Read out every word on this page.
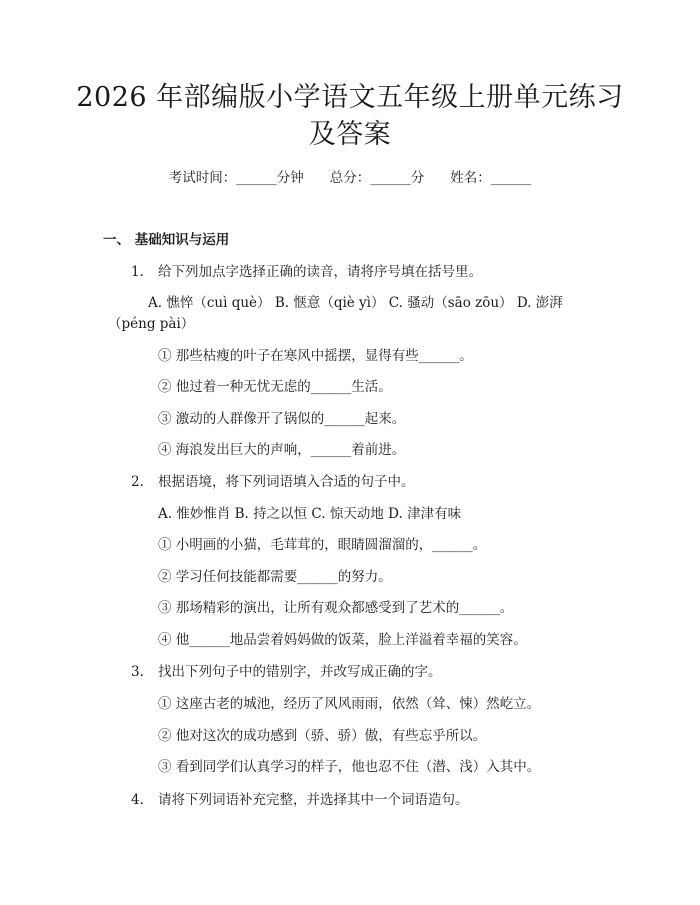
2026 年部编版小学语文五年级上册单元练习
及答案
考试时间：______分钟 总分：______分 姓名：______
一、 基础知识与运用
1. 给下列加点字选择正确的读音，请将序号填在括号里。
A. 憔悴（cuì què） B. 惬意（qiè yì） C. 骚动（sāo zōu） D. 澎湃
（péng pài）
① 那些枯瘦的叶子在寒风中摇摆，显得有些______。
② 他过着一种无忧无虑的______生活。
③ 激动的人群像开了锅似的______起来。
④ 海浪发出巨大的声响，______着前进。
2. 根据语境，将下列词语填入合适的句子中。
A. 惟妙惟肖 B. 持之以恒 C. 惊天动地 D. 津津有味
① 小明画的小猫，毛茸茸的，眼睛圆溜溜的，______。
② 学习任何技能都需要______的努力。
③ 那场精彩的演出，让所有观众都感受到了艺术的______。
④ 他______地品尝着妈妈做的饭菜，脸上洋溢着幸福的笑容。
3. 找出下列句子中的错别字，并改写成正确的字。
① 这座古老的城池，经历了风风雨雨，依然（耸、悚）然屹立。
② 他对这次的成功感到（骄、骄）傲，有些忘乎所以。
③ 看到同学们认真学习的样子，他也忍不住（潜、浅）入其中。
4. 请将下列词语补充完整，并选择其中一个词语造句。
